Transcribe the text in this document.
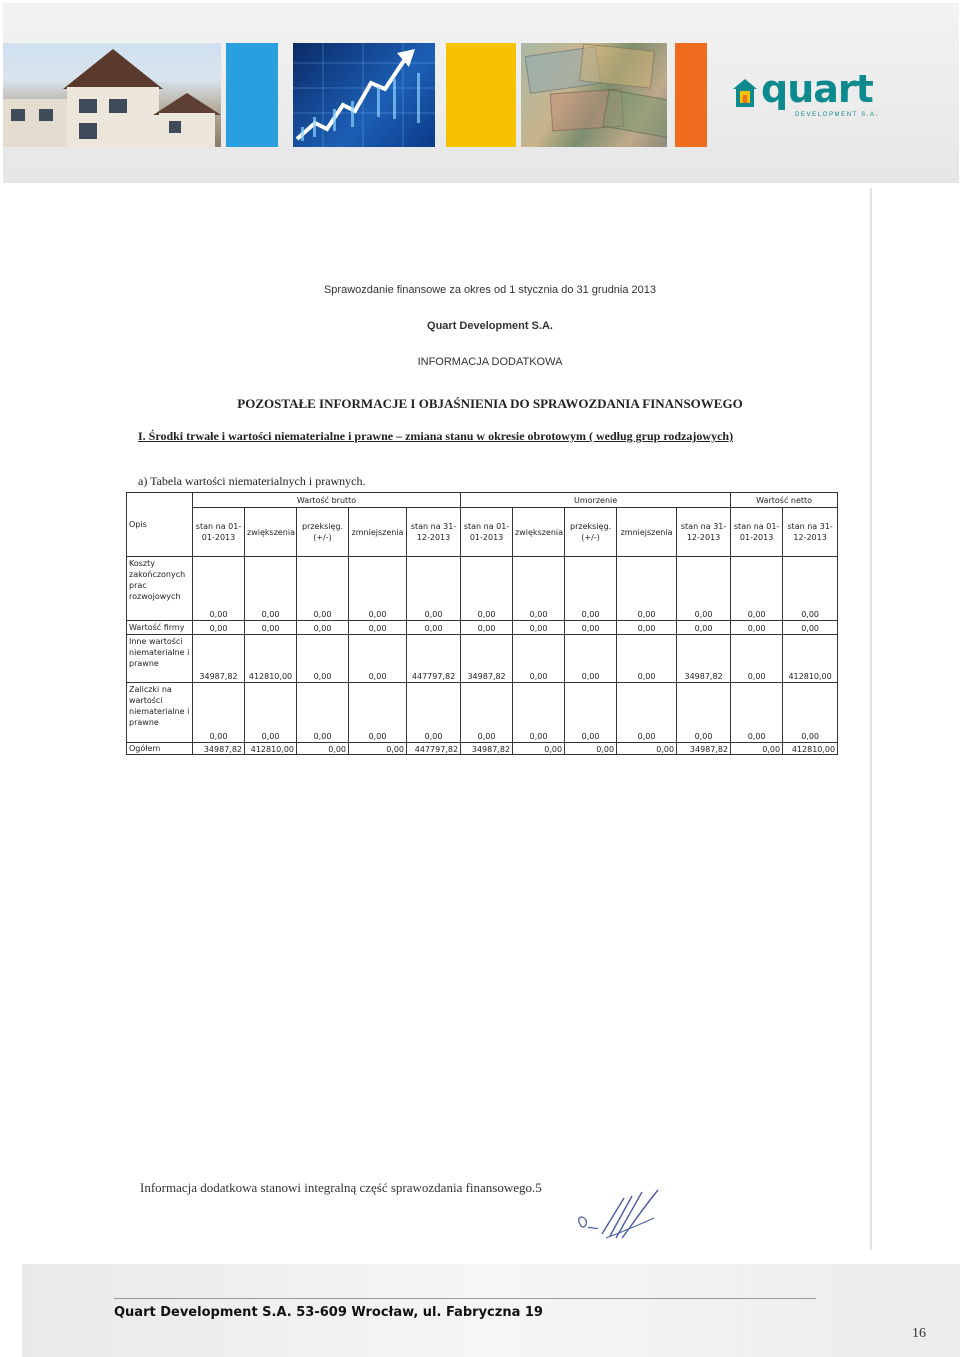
quart
DEVELOPMENT S.A.
Sprawozdanie finansowe za okres od 1 stycznia do 31 grudnia 2013
Quart Development S.A.
INFORMACJA DODATKOWA
POZOSTAŁE INFORMACJE I OBJAŚNIENIA DO SPRAWOZDANIA FINANSOWEGO
I. Środki trwałe i wartości niematerialne i prawne – zmiana stanu w okresie obrotowym ( według grup rodzajowych)
a) Tabela wartości niematerialnych i prawnych.
Opis	Wartość brutto					Umorzenie					Wartość netto	
	stan na 01-01-2013	zwiększenia	przeksięg. (+/-)	zmniejszenia	stan na 31-12-2013	stan na 01-01-2013	zwiększenia	przeksięg. (+/-)	zmniejszenia	stan na 31-12-2013	stan na 01-01-2013	stan na 31-12-2013
Koszty zakończonych prac rozwojowych	0,00	0,00	0,00	0,00	0,00	0,00	0,00	0,00	0,00	0,00	0,00	0,00
Wartość firmy	0,00	0,00	0,00	0,00	0,00	0,00	0,00	0,00	0,00	0,00	0,00	0,00
Inne wartości niematerialne i prawne	34987,82	412810,00	0,00	0,00	447797,82	34987,82	0,00	0,00	0,00	34987,82	0,00	412810,00
Zaliczki na wartości niematerialne i prawne	0,00	0,00	0,00	0,00	0,00	0,00	0,00	0,00	0,00	0,00	0,00	0,00
Ogółem	34987,82	412810,00	0,00	0,00	447797,82	34987,82	0,00	0,00	0,00	34987,82	0,00	412810,00
Informacja dodatkowa stanowi integralną część sprawozdania finansowego.5
Quart Development S.A. 53-609 Wrocław, ul. Fabryczna 19
16
